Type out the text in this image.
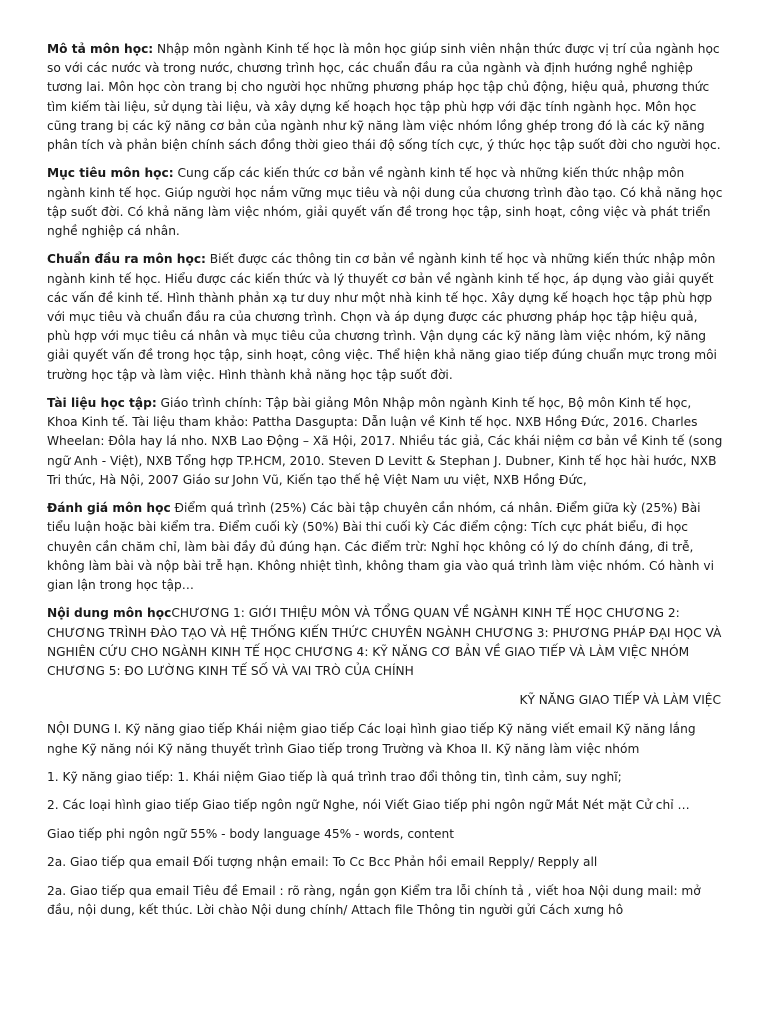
Mô tả môn học: Nhập môn ngành Kinh tế học là môn học giúp sinh viên nhận thức được vị trí của ngành học so với các nước và trong nước, chương trình học, các chuẩn đầu ra của ngành và định hướng nghề nghiệp tương lai. Môn học còn trang bị cho người học những phương pháp học tập chủ động, hiệu quả, phương thức tìm kiếm tài liệu, sử dụng tài liệu, và xây dựng kế hoạch học tập phù hợp với đặc tính ngành học. Môn học cũng trang bị các kỹ năng cơ bản của ngành như kỹ năng làm việc nhóm lồng ghép trong đó là các kỹ năng phân tích và phản biện chính sách đồng thời gieo thái độ sống tích cực, ý thức học tập suốt đời cho người học.

Mục tiêu môn học: Cung cấp các kiến thức cơ bản về ngành kinh tế học và những kiến thức nhập môn ngành kinh tế học. Giúp người học nắm vững mục tiêu và nội dung của chương trình đào tạo. Có khả năng học tập suốt đời. Có khả năng làm việc nhóm, giải quyết vấn đề trong học tập, sinh hoạt, công việc và phát triển nghề nghiệp cá nhân.

Chuẩn đầu ra môn học: Biết được các thông tin cơ bản về ngành kinh tế học và những kiến thức nhập môn ngành kinh tế học. Hiểu được các kiến thức và lý thuyết cơ bản về ngành kinh tế học, áp dụng vào giải quyết các vấn đề kinh tế. Hình thành phản xạ tư duy như một nhà kinh tế học. Xây dựng kế hoạch học tập phù hợp với mục tiêu và chuẩn đầu ra của chương trình. Chọn và áp dụng được các phương pháp học tập hiệu quả, phù hợp với mục tiêu cá nhân và mục tiêu của chương trình. Vận dụng các kỹ năng làm việc nhóm, kỹ năng giải quyết vấn đề trong học tập, sinh hoạt, công việc. Thể hiện khả năng giao tiếp đúng chuẩn mực trong môi trường học tập và làm việc. Hình thành khả năng học tập suốt đời.

Tài liệu học tập: Giáo trình chính: Tập bài giảng Môn Nhập môn ngành Kinh tế học, Bộ môn Kinh tế học, Khoa Kinh tế. Tài liệu tham khảo: Pattha Dasgupta: Dẫn luận về Kinh tế học. NXB Hồng Đức, 2016. Charles Wheelan: Đôla hay lá nho. NXB Lao Động – Xã Hội, 2017. Nhiều tác giả, Các khái niệm cơ bản về Kinh tế (song ngữ Anh - Việt), NXB Tổng hợp TP.HCM, 2010. Steven D Levitt & Stephan J. Dubner, Kinh tế học hài hước, NXB Tri thức, Hà Nội, 2007 Giáo sư John Vũ, Kiến tạo thế hệ Việt Nam ưu việt, NXB Hồng Đức,

Đánh giá môn học Điểm quá trình (25%) Các bài tập chuyên cần nhóm, cá nhân. Điểm giữa kỳ (25%) Bài tiểu luận hoặc bài kiểm tra. Điểm cuối kỳ (50%) Bài thi cuối kỳ Các điểm cộng: Tích cực phát biểu, đi học chuyên cần chăm chỉ, làm bài đầy đủ đúng hạn. Các điểm trừ: Nghỉ học không có lý do chính đáng, đi trễ, không làm bài và nộp bài trễ hạn. Không nhiệt tình, không tham gia vào quá trình làm việc nhóm. Có hành vi gian lận trong học tập…

Nội dung môn họcCHƯƠNG 1: GIỚI THIỆU MÔN VÀ TỔNG QUAN VỀ NGÀNH KINH TẾ HỌC CHƯƠNG 2: CHƯƠNG TRÌNH ĐÀO TẠO VÀ HỆ THỐNG KIẾN THỨC CHUYÊN NGÀNH CHƯƠNG 3: PHƯƠNG PHÁP ĐẠI HỌC VÀ NGHIÊN CỨU CHO NGÀNH KINH TẾ HỌC CHƯƠNG 4: KỸ NĂNG CƠ BẢN VỀ GIAO TIẾP VÀ LÀM VIỆC NHÓM CHƯƠNG 5: ĐO LƯỜNG KINH TẾ SỐ VÀ VAI TRÒ CỦA CHÍNH

KỸ NĂNG GIAO TIẾP VÀ LÀM VIỆC

NỘI DUNG I. Kỹ năng giao tiếp Khái niệm giao tiếp Các loại hình giao tiếp Kỹ năng viết email Kỹ năng lắng nghe Kỹ năng nói Kỹ năng thuyết trình Giao tiếp trong Trường và Khoa II. Kỹ năng làm việc nhóm

1. Kỹ năng giao tiếp: 1. Khái niệm Giao tiếp là quá trình trao đổi thông tin, tình cảm, suy nghĩ;

2. Các loại hình giao tiếp Giao tiếp ngôn ngữ Nghe, nói Viết Giao tiếp phi ngôn ngữ Mắt Nét mặt Cử chỉ …

Giao tiếp phi ngôn ngữ 55% - body language 45% - words, content

2a. Giao tiếp qua email Đối tượng nhận email: To Cc Bcc Phản hồi email Repply/ Repply all

2a. Giao tiếp qua email Tiêu đề Email : rõ ràng, ngắn gọn Kiểm tra lỗi chính tả , viết hoa Nội dung mail: mở đầu, nội dung, kết thúc. Lời chào Nội dung chính/ Attach file Thông tin người gửi Cách xưng hô
